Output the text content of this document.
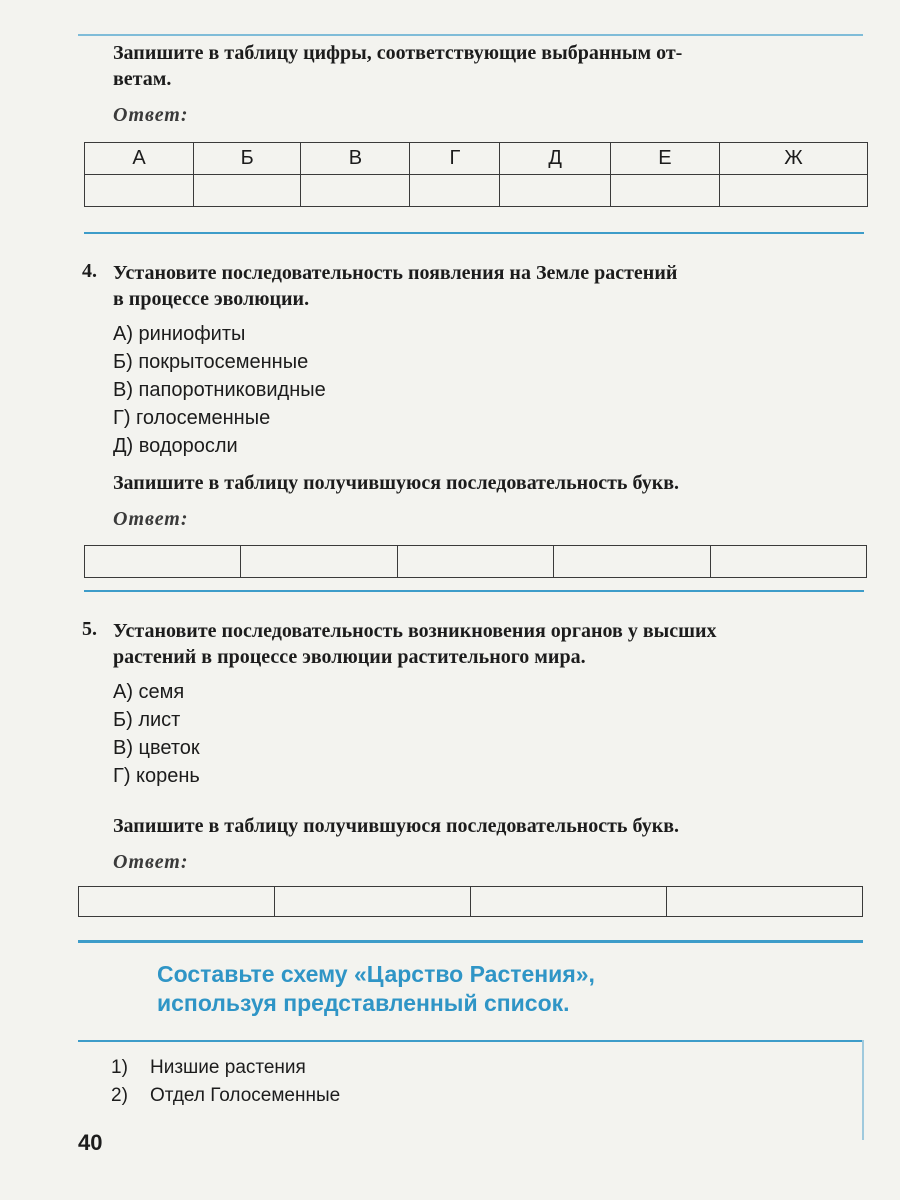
Запишите в таблицу цифры, соответствующие выбранным от-
ветам.
Ответ:
А	Б	В	Г	Д	Е	Ж

4. Установите последовательность появления на Земле растений
в процессе эволюции.
А) риниофиты
Б) покрытосеменные
В) папоротниковидные
Г) голосеменные
Д) водоросли
Запишите в таблицу получившуюся последовательность букв.
Ответ:

5. Установите последовательность возникновения органов у высших
растений в процессе эволюции растительного мира.
А) семя
Б) лист
В) цветок
Г) корень
Запишите в таблицу получившуюся последовательность букв.
Ответ:

Составьте схему «Царство Растения»,
используя представленный список.
1) Низшие растения
2) Отдел Голосеменные
40
